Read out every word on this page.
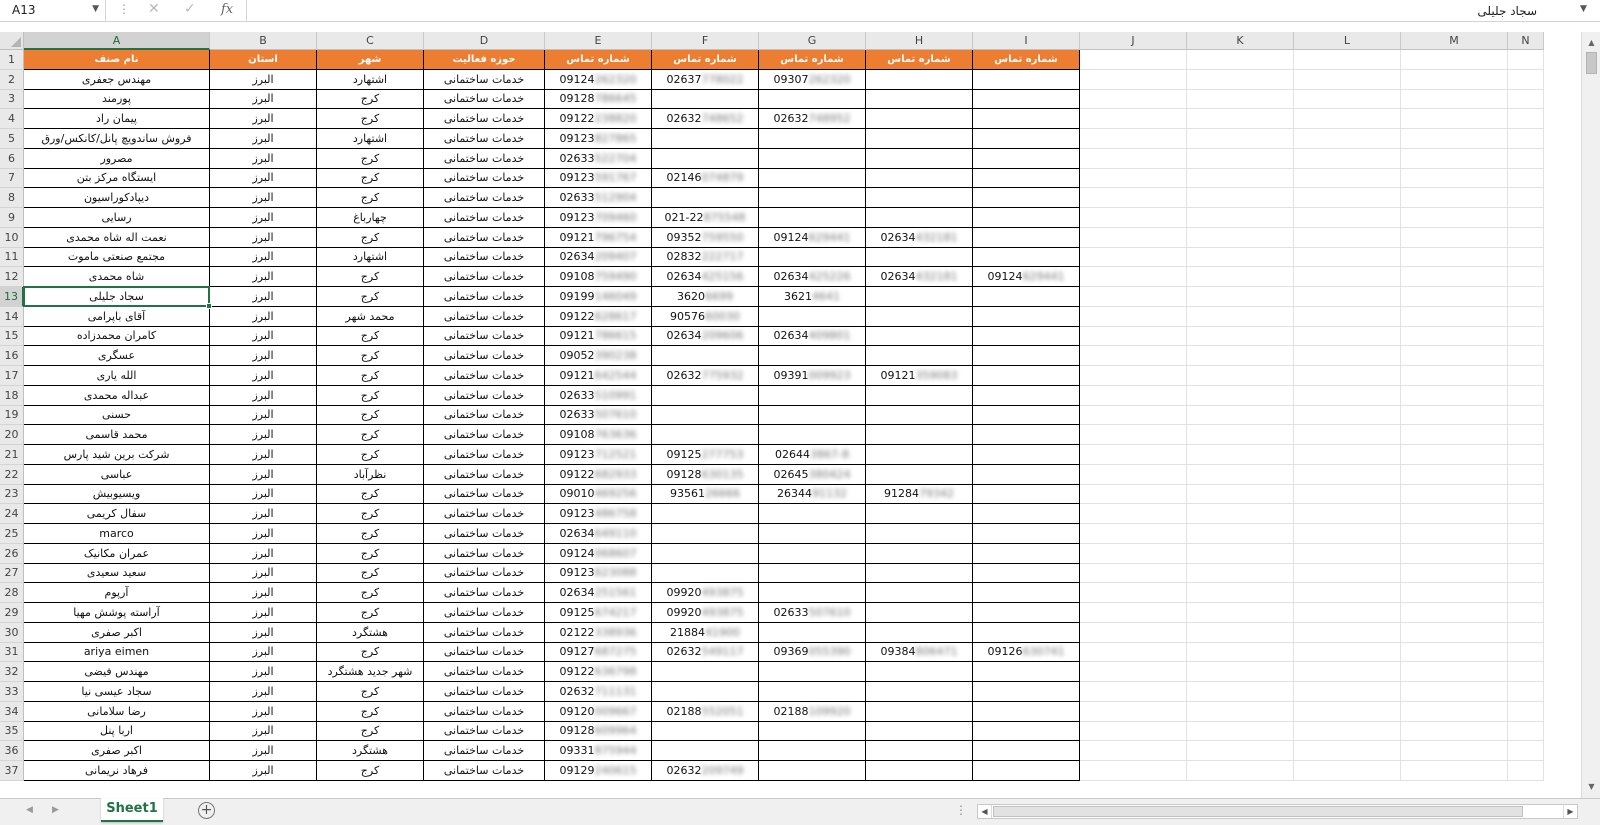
A13	▼ ⋮ ✕ ✓ fx
سجاد جلیلی	▼
A	B	C	D	E	F	G	H	I	J	K	L	M	N
1	نام صنف	استان	شهر	حوزه فعالیت	شماره تماس	شماره تماس	شماره تماس	شماره تماس	شماره تماس
2	مهندس جعفری	البرز	اشتهارد	خدمات ساختمانی	09124262320	02637778022	09307262320
3	پورمند	البرز	کرج	خدمات ساختمانی	09128786645
4	پیمان راد	البرز	کرج	خدمات ساختمانی	09122238820	02632748652	02632748952
5	فروش ساندویچ پانل/کانکس/ورق	البرز	اشتهارد	خدمات ساختمانی	09123827865
6	مصرور	البرز	کرج	خدمات ساختمانی	02633522704
7	ایستگاه مرکز بتن	البرز	کرج	خدمات ساختمانی	09123591767	02146074879
8	دیپادکوراسیون	البرز	کرج	خدمات ساختمانی	02633512904
9	رسایی	البرز	چهارباغ	خدمات ساختمانی	09123709460	021-22875548
10	نعمت اله شاه محمدی	البرز	کرج	خدمات ساختمانی	09121796754	09352759550	09124629441	02634432181
11	مجتمع صنعتی ماموت	البرز	اشتهارد	خدمات ساختمانی	02634209407	02832222717
12	شاه محمدی	البرز	کرج	خدمات ساختمانی	09108759490	02634425156	02634425226	02634432181	09124629441
13	سجاد جلیلی	البرز	کرج	خدمات ساختمانی	09199146049	36206699	36214641
14	آقای باپرامی	البرز	محمد شهر	خدمات ساختمانی	09122628617	9057660030
15	کامران محمدزاده	البرز	کرج	خدمات ساختمانی	09121786615	02634209606	02634409801
16	عسگری	البرز	کرج	خدمات ساختمانی	09052390238
17	الله یاری	البرز	کرج	خدمات ساختمانی	09121642544	02632775932	09391009923	09121359083
18	عبداله محمدی	البرز	کرج	خدمات ساختمانی	02633510991
19	حسنی	البرز	کرج	خدمات ساختمانی	02633507610
20	محمد قاسمی	البرز	کرج	خدمات ساختمانی	09108763636
21	شرکت برین شید پارس	البرز	کرج	خدمات ساختمانی	09123712521	09125277753	026443867-8
22	عباسی	البرز	نظرآباد	خدمات ساختمانی	09122682933	09128630135	02645380424
23	ویسیوبیش	البرز	کرج	خدمات ساختمانی	09010469256	9356126666	2634491132	9128479342
24	سفال کریمی	البرز	کرج	خدمات ساختمانی	09123486758
25	marco	البرز	کرج	خدمات ساختمانی	02634649110
26	عمران مکانیک	البرز	کرج	خدمات ساختمانی	09124068607
27	سعید سعیدی	البرز	کرج	خدمات ساختمانی	09123623088
28	آرپوم	البرز	کرج	خدمات ساختمانی	02634251561	09920493875
29	آراسته پوشش مهیا	البرز	کرج	خدمات ساختمانی	09125674217	09920493875	02633507610
30	اکبر صفری	البرز	هشتگرد	خدمات ساختمانی	02122338936	2188441900
31	ariya eimen	البرز	کرج	خدمات ساختمانی	09127687275	02632549117	09369055390	09384806471	09126630741
32	مهندس فیضی	البرز	شهر جدید هشتگرد	خدمات ساختمانی	09122636798
33	سجاد عیسی نیا	البرز	کرج	خدمات ساختمانی	02632711131
34	رضا سلامانی	البرز	کرج	خدمات ساختمانی	09120009667	02188552051	02188109920
35	اربا پنل	البرز	کرج	خدمات ساختمانی	09128609964
36	اکبر صفری	البرز	هشتگرد	خدمات ساختمانی	09331875944
37	فرهاد نریمانی	البرز	کرج	خدمات ساختمانی	09129240615	02632209749
▲
▼
◀ ▶	Sheet1	+	⋮	◀	▶
